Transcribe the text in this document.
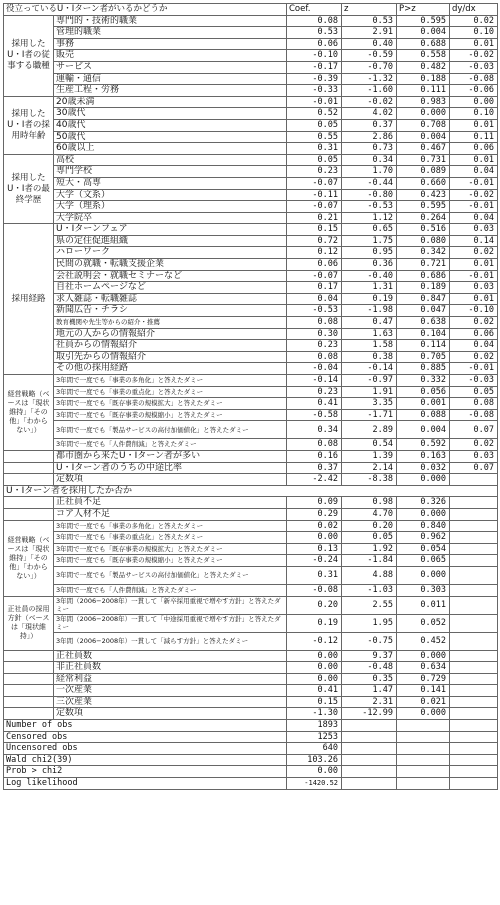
役立っているU・Iターン者がいるかどうか		Coef.	z	P>z	dy/dx
採用したU・I者の従事する職種	専門的・技術的職業	0.08	0.53	0.595	0.02
	管理的職業	0.53	2.91	0.004	0.10
	事務	0.06	0.40	0.688	0.01
	販売	-0.10	-0.59	0.558	-0.02
	サービス	-0.17	-0.70	0.482	-0.03
	運輸・通信	-0.39	-1.32	0.188	-0.08
	生産工程・労務	-0.33	-1.60	0.111	-0.06
採用したU・I者の採用時年齢	20歳未満	-0.01	-0.02	0.983	0.00
	30歳代	0.52	4.02	0.000	0.10
	40歳代	0.05	0.37	0.708	0.01
	50歳代	0.55	2.86	0.004	0.11
	60歳以上	0.31	0.73	0.467	0.06
採用したU・I者の最終学歴	高校	0.05	0.34	0.731	0.01
	専門学校	0.23	1.70	0.089	0.04
	短大・高専	-0.07	-0.44	0.660	-0.01
	大学（文系）	-0.11	-0.80	0.423	-0.02
	大学（理系）	-0.07	-0.53	0.595	-0.01
	大学院卒	0.21	1.12	0.264	0.04
採用経路	U・Iターンフェア	0.15	0.65	0.516	0.03
	県の定住促進組織	0.72	1.75	0.080	0.14
	ハローワーク	0.12	0.95	0.342	0.02
	民間の就職・転職支援企業	0.06	0.36	0.721	0.01
	会社説明会・就職セミナーなど	-0.07	-0.40	0.686	-0.01
	自社ホームページなど	0.17	1.31	0.189	0.03
	求人雑誌・転職雑誌	0.04	0.19	0.847	0.01
	新聞広告・チラシ	-0.53	-1.98	0.047	-0.10
	教育機関や先生等からの紹介・推薦	0.08	0.47	0.638	0.02
	地元の人からの情報紹介	0.30	1.63	0.104	0.06
	社員からの情報紹介	0.23	1.58	0.114	0.04
	取引先からの情報紹介	0.08	0.38	0.705	0.02
	その他の採用経路	-0.04	-0.14	0.885	-0.01
経営戦略（ベースは「現状維持」「その他」「わからない」）	3年間で一度でも「事業の多角化」と答えたダミー	-0.14	-0.97	0.332	-0.03
	3年間で一度でも「事業の重点化」と答えたダミー	0.23	1.91	0.056	0.05
	3年間で一度でも「既存事業の規模拡大」と答えたダミー	0.41	3.35	0.001	0.08
	3年間で一度でも「既存事業の規模縮小」と答えたダミー	-0.58	-1.71	0.088	-0.08
	3年間で一度でも「製品サービスの高付加価値化」と答えたダミー	0.34	2.89	0.004	0.07
	3年間で一度でも「人件費削減」と答えたダミー	0.08	0.54	0.592	0.02
	都市圏から来たU・Iターン者が多い	0.16	1.39	0.163	0.03
	U・Iターン者のうちの中途比率	0.37	2.14	0.032	0.07
	定数項	-2.42	-8.38	0.000	
U・Iターン者を採用したか否か					
	正社員不足	0.09	0.98	0.326	
	コア人材不足	0.29	4.70	0.000	
経営戦略（ベースは「現状維持」「その他」「わからない」）	3年間で一度でも「事業の多角化」と答えたダミー	0.02	0.20	0.840	
	3年間で一度でも「事業の重点化」と答えたダミー	0.00	0.05	0.962	
	3年間で一度でも「既存事業の規模拡大」と答えたダミー	0.13	1.92	0.054	
	3年間で一度でも「既存事業の規模縮小」と答えたダミー	-0.24	-1.84	0.065	
	3年間で一度でも「製品サービスの高付加価値化」と答えたダミー	0.31	4.88	0.000	
	3年間で一度でも「人件費削減」と答えたダミー	-0.08	-1.03	0.303	
正社員の採用方針（ベースは「現状維持」）	3年間（2006−2008年）一貫して「新卒採用重視で増やす方針」と答えたダミー	0.20	2.55	0.011	
	3年間（2006−2008年）一貫して「中途採用重視で増やす方針」と答えたダミー	0.19	1.95	0.052	
	3年間（2006−2008年）一貫して「減らす方針」と答えたダミー	-0.12	-0.75	0.452	
	正社員数	0.00	9.37	0.000	
	非正社員数	0.00	-0.48	0.634	
	経常利益	0.00	0.35	0.729	
	一次産業	0.41	1.47	0.141	
	三次産業	0.15	2.31	0.021	
	定数項	-1.30	-12.99	0.000	
Number of obs		1893			
Censored obs		1253			
Uncensored obs		640			
Wald chi2(39)		103.26			
Prob > chi2		0.00			
Log likelihood		-1420.52			
